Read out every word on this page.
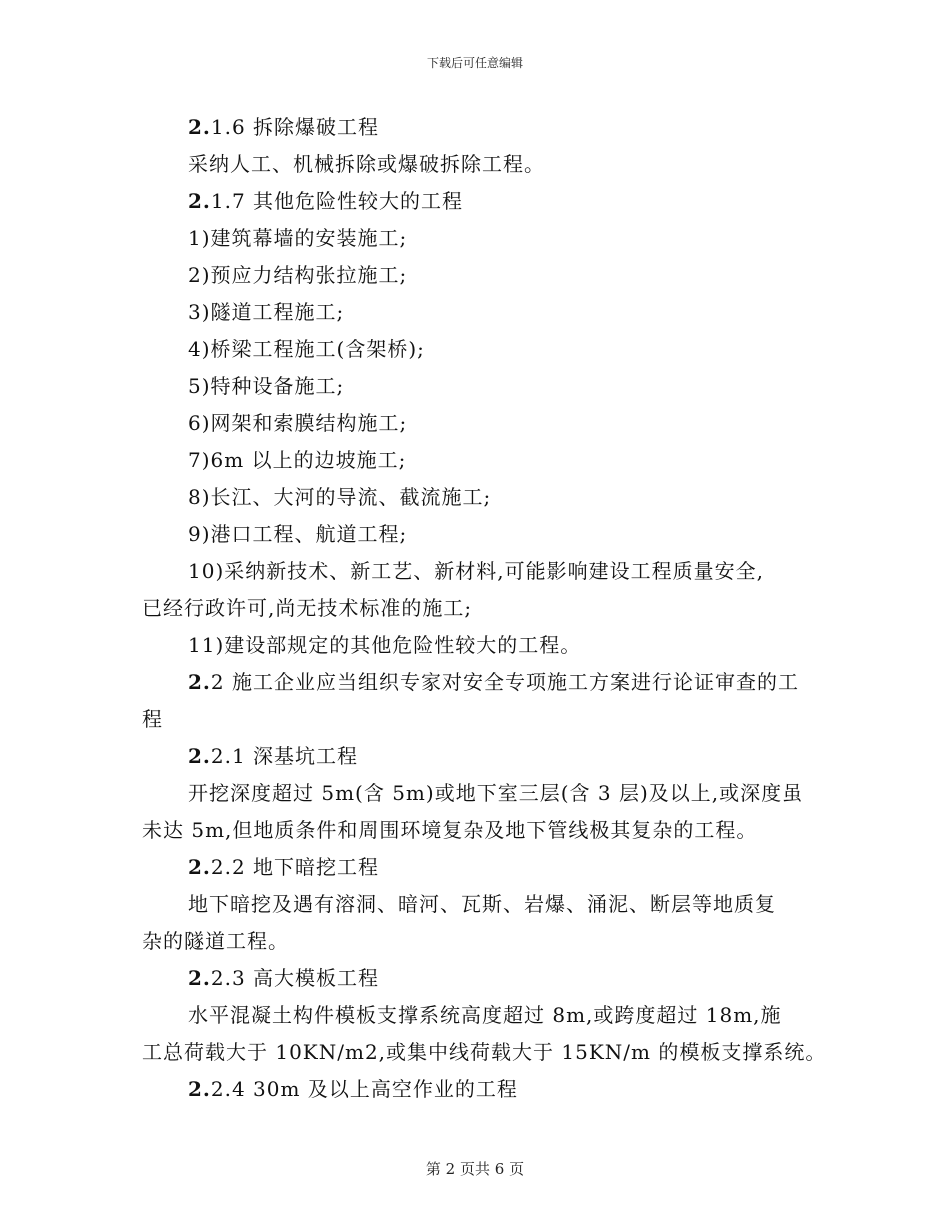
下载后可任意编辑
2.1.6 拆除爆破工程
采纳人工、机械拆除或爆破拆除工程。
2.1.7 其他危险性较大的工程
1)建筑幕墙的安装施工;
2)预应力结构张拉施工;
3)隧道工程施工;
4)桥梁工程施工(含架桥);
5)特种设备施工;
6)网架和索膜结构施工;
7)6m 以上的边坡施工;
8)长江、大河的导流、截流施工;
9)港口工程、航道工程;
10)采纳新技术、新工艺、新材料,可能影响建设工程质量安全,
已经行政许可,尚无技术标准的施工;
11)建设部规定的其他危险性较大的工程。
2.2 施工企业应当组织专家对安全专项施工方案进行论证审查的工
程
2.2.1 深基坑工程
开挖深度超过 5m(含 5m)或地下室三层(含 3 层)及以上,或深度虽
未达 5m,但地质条件和周围环境复杂及地下管线极其复杂的工程。
2.2.2 地下暗挖工程
地下暗挖及遇有溶洞、暗河、瓦斯、岩爆、涌泥、断层等地质复
杂的隧道工程。
2.2.3 高大模板工程
水平混凝土构件模板支撑系统高度超过 8m,或跨度超过 18m,施
工总荷载大于 10KN/m2,或集中线荷载大于 15KN/m 的模板支撑系统。
2.2.4 30m 及以上高空作业的工程
第 2 页共 6 页
